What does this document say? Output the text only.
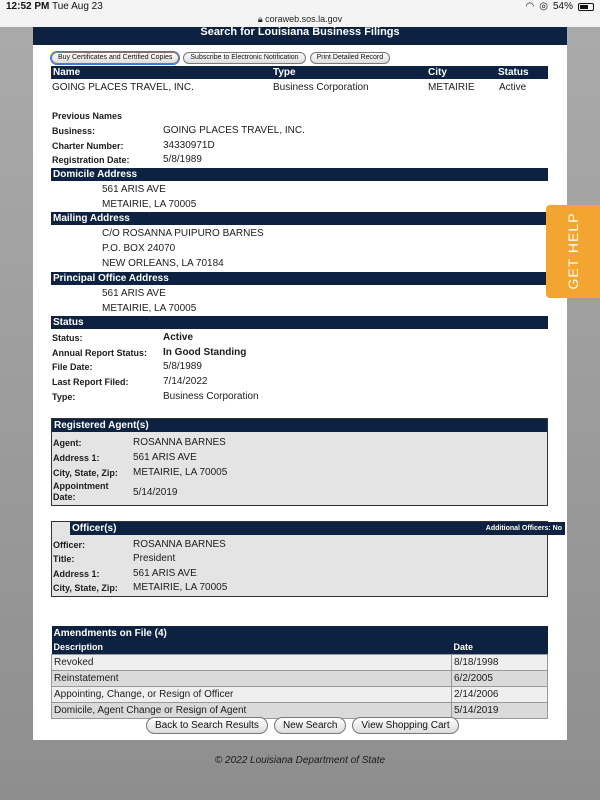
12:52 PM Tue Aug 23	◠ ◎ 54%
🔒︎ coraweb.sos.la.gov
Search for Louisiana Business Filings
Buy Certificates and Certified Copies	Subscribe to Electronic Notification	Print Detailed Record
Name	Type	City	Status
GOING PLACES TRAVEL, INC.	Business Corporation	METAIRIE Active
Previous Names
Business:	GOING PLACES TRAVEL, INC.
Charter Number:	34330971D
Registration Date:	5/8/1989
Domicile Address
561 ARIS AVE
METAIRIE, LA 70005
Mailing Address
C/O ROSANNA PUIPURO BARNES
P.O. BOX 24070
NEW ORLEANS, LA 70184
Principal Office Address
561 ARIS AVE
METAIRIE, LA 70005
Status
Status:	Active
Annual Report Status: In Good Standing
File Date:	5/8/1989
Last Report Filed:	7/14/2022
Type:	Business Corporation
Registered Agent(s)
Agent:	ROSANNA BARNES
Address 1:	561 ARIS AVE
City, State, Zip: METAIRIE, LA 70005
Appointment
Date:	5/14/2019
Officer(s)	Additional Officers: No
Officer:	ROSANNA BARNES
Title:	President
Address 1:	561 ARIS AVE
City, State, Zip: METAIRIE, LA 70005
Amendments on File (4)	
Description	Date
Revoked	8/18/1998
Reinstatement	6/2/2005
Appointing, Change, or Resign of Officer	2/14/2006
Domicile, Agent Change or Resign of Agent	5/14/2019
Back to Search Results	New Search	View Shopping Cart
© 2022 Louisiana Department of State
GET HELP
